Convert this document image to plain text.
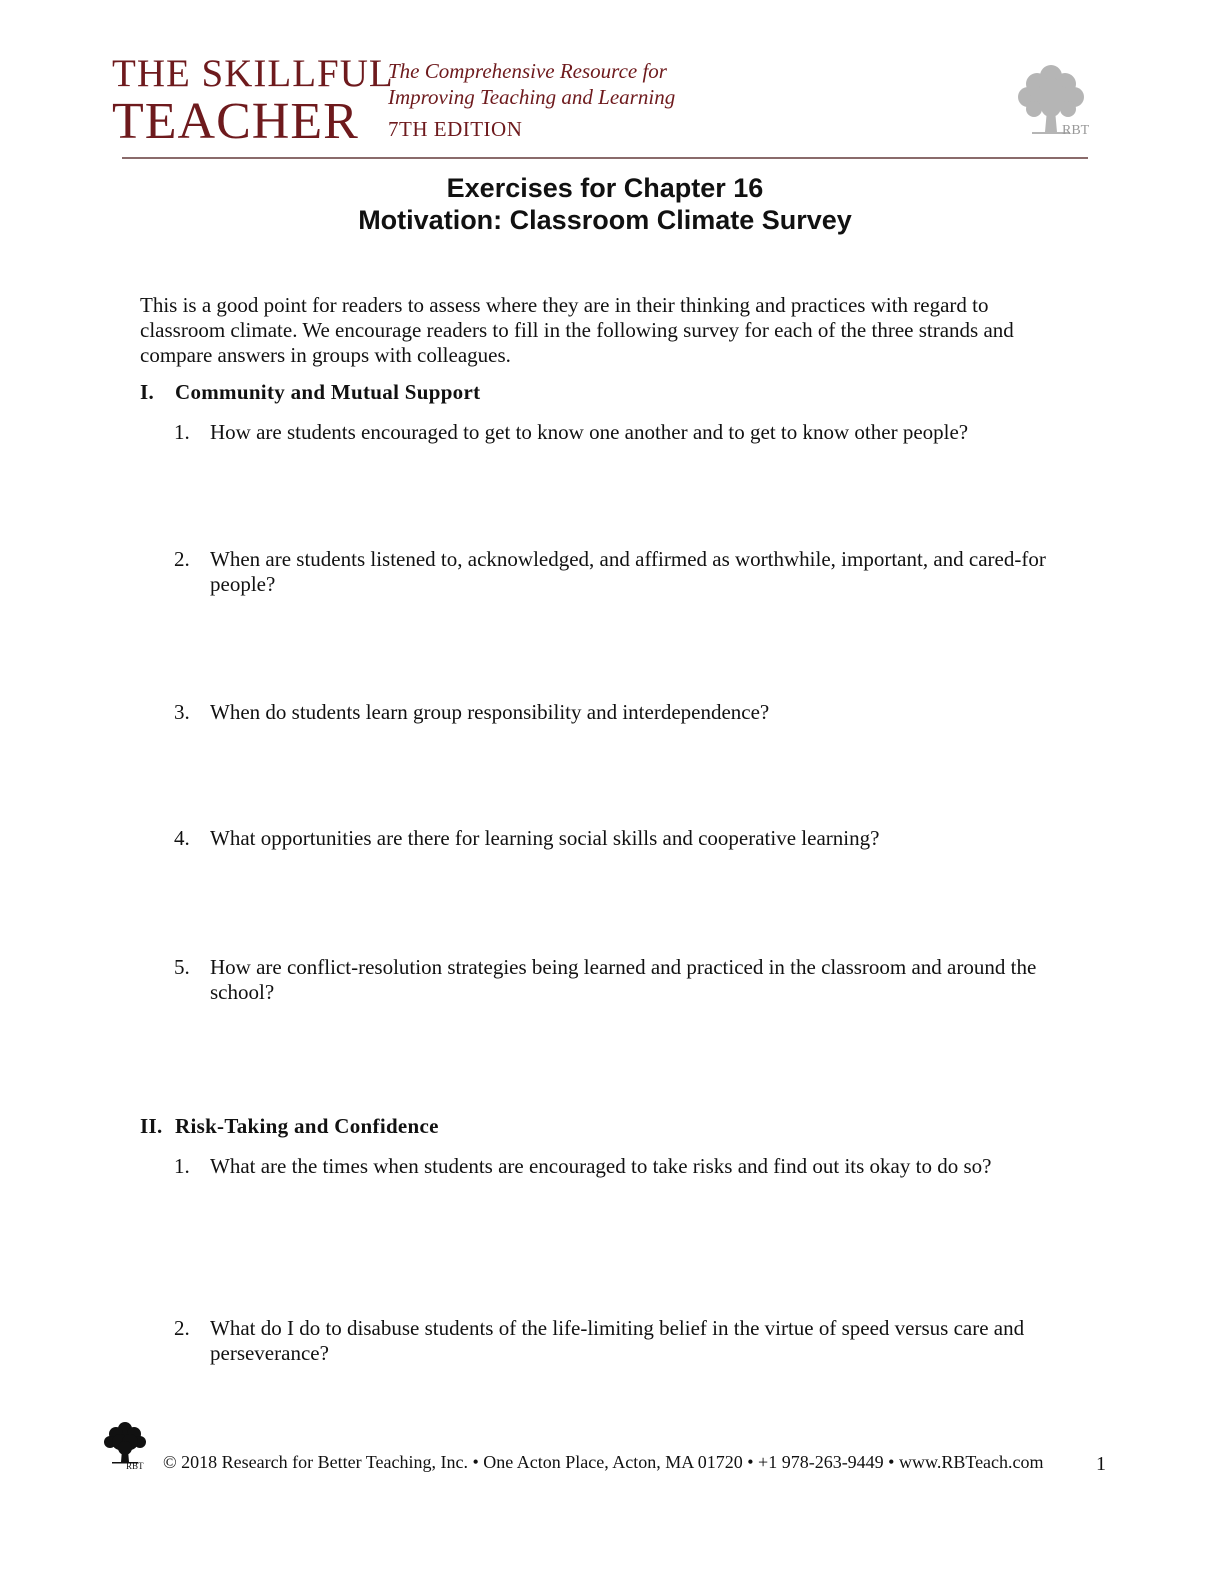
THE SKILLFUL
TEACHER
The Comprehensive Resource for
Improving Teaching and Learning
7TH EDITION	RBT
Exercises for Chapter 16
Motivation: Classroom Climate Survey
This is a good point for readers to assess where they are in their thinking and practices with regard to classroom climate. We encourage readers to fill in the following survey for each of the three strands and compare answers in groups with colleagues.
I. Community and Mutual Support
1. How are students encouraged to get to know one another and to get to know other people?
2. When are students listened to, acknowledged, and affirmed as worthwhile, important, and cared-for people?
3. When do students learn group responsibility and interdependence?
4. What opportunities are there for learning social skills and cooperative learning?
5. How are conflict-resolution strategies being learned and practiced in the classroom and around the school?
II. Risk-Taking and Confidence
1. What are the times when students are encouraged to take risks and find out its okay to do so?
2. What do I do to disabuse students of the life-limiting belief in the virtue of speed versus care and perseverance?
RBT © 2018 Research for Better Teaching, Inc. • One Acton Place, Acton, MA 01720 • +1 978-263-9449 • www.RBTeach.com	1
